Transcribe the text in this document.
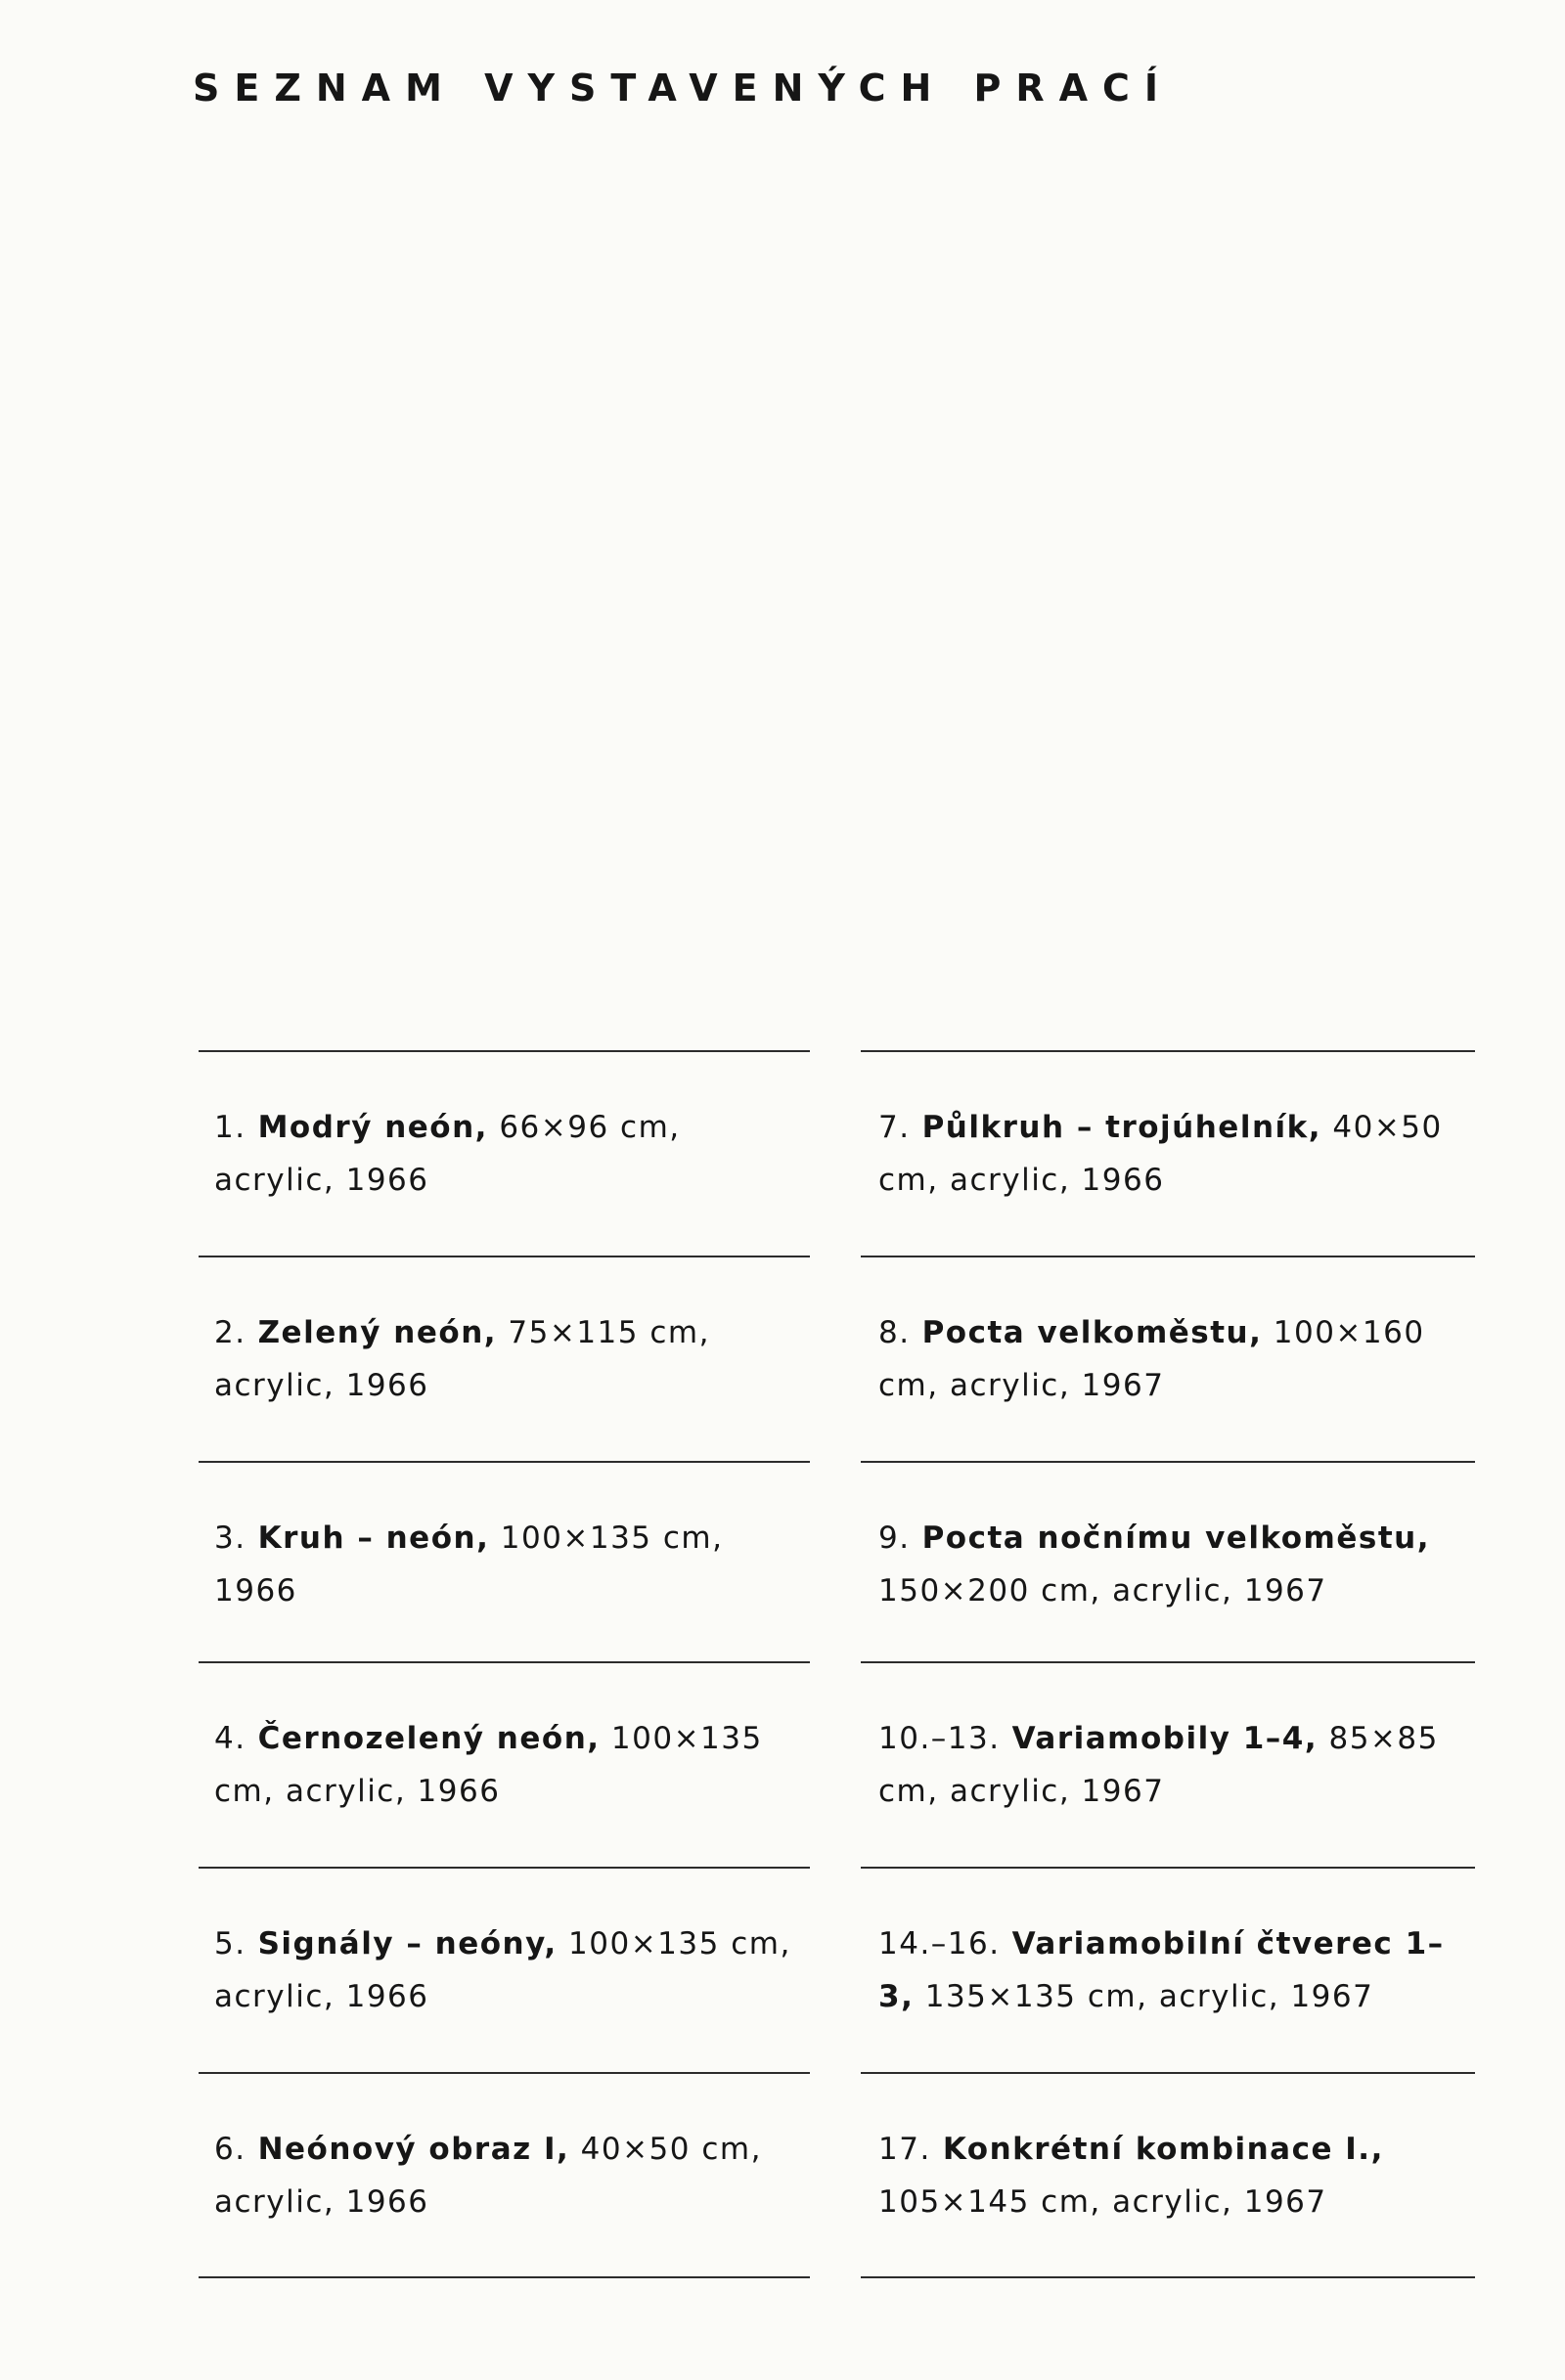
SEZNAM VYSTAVENÝCH PRACÍ
1. Modrý neón, 66×96 cm, acrylic, 1966
2. Zelený neón, 75×115 cm, acrylic, 1966
3. Kruh – neón, 100×135 cm, 1966
4. Černozelený neón, 100×135 cm, acrylic, 1966
5. Signály – neóny, 100×135 cm, acrylic, 1966
6. Neónový obraz I, 40×50 cm, acrylic, 1966
7. Půlkruh – trojúhelník, 40×50 cm, acrylic, 1966
8. Pocta velkoměstu, 100×160 cm, acrylic, 1967
9. Pocta nočnímu velkoměstu, 150×200 cm, acrylic, 1967
10.–13. Variamobily 1–4, 85×85 cm, acrylic, 1967
14.–16. Variamobilní čtverec 1–3, 135×135 cm, acrylic, 1967
17. Konkrétní kombinace I., 105×145 cm, acrylic, 1967
